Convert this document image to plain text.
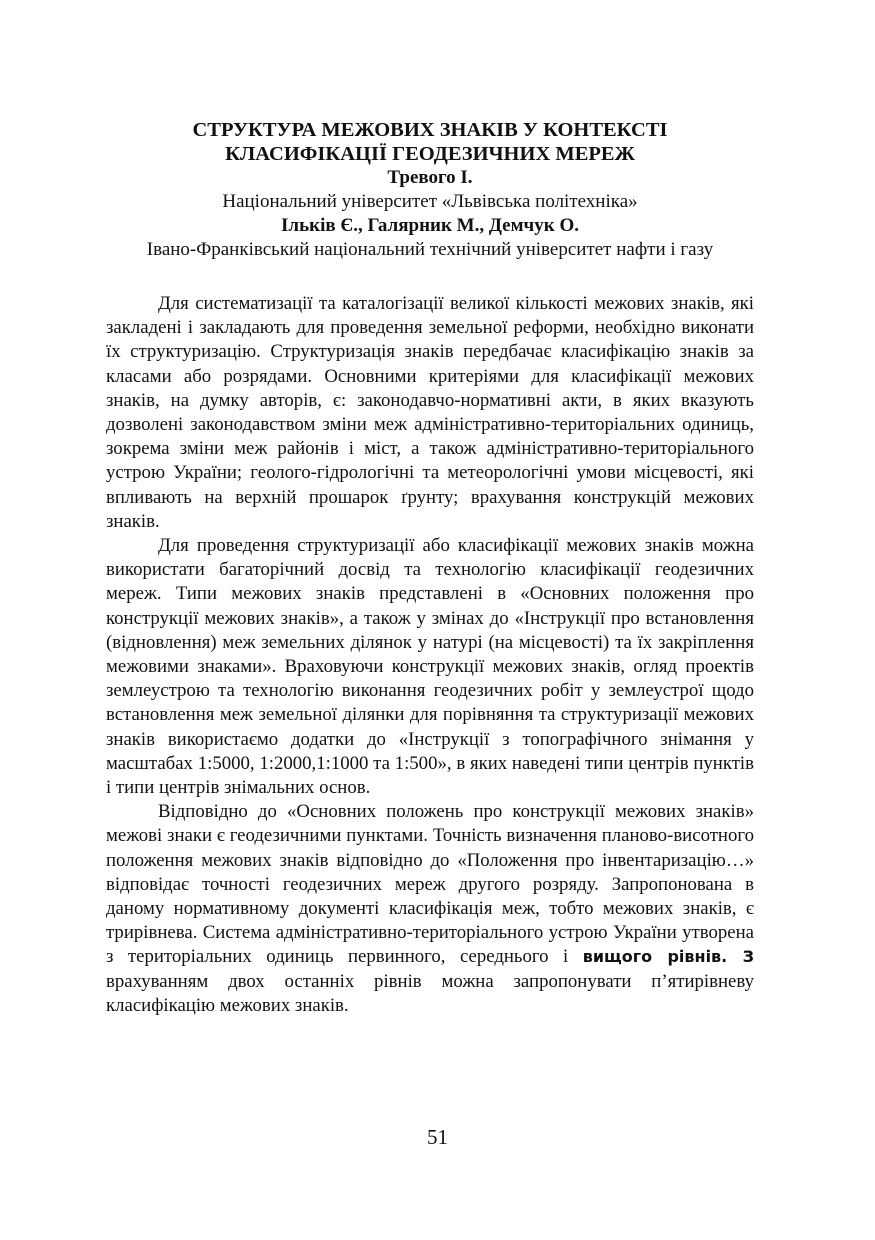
СТРУКТУРА МЕЖОВИХ ЗНАКІВ У КОНТЕКСТІ

КЛАСИФІКАЦІЇ ГЕОДЕЗИЧНИХ МЕРЕЖ

Тревого І.

Національний університет «Львівська політехніка»

Ільків Є., Галярник М., Демчук О.

Івано-Франківський національний технічний університет нафти і газу

Для систематизації та каталогізації великої кількості межових знаків, які закладені і закладають для проведення земельної реформи, необхідно виконати їх структуризацію. Структуризація знаків передбачає класифікацію знаків за класами або розрядами. Основними критеріями для класифікації межових знаків, на думку авторів, є: законодавчо-нормативні акти, в яких вказують дозволені законодавством зміни меж адміністративно-територіальних одиниць, зокрема зміни меж районів і міст, а також адміністративно-територіального устрою України; геолого-гідрологічні та метеорологічні умови місцевості, які впливають на верхній прошарок ґрунту; врахування конструкцій межових знаків.

Для проведення структуризації або класифікації межових знаків можна використати багаторічний досвід та технологію класифікації геодезичних мереж. Типи межових знаків представлені в «Основних положення про конструкції межових знаків», а також у змінах до «Інструкції про встановлення (відновлення) меж земельних ділянок у натурі (на місцевості) та їх закріплення межовими знаками». Враховуючи конструкції межових знаків, огляд проектів землеустрою та технологію виконання геодезичних робіт у землеустрої щодо встановлення меж земельної ділянки для порівняння та структуризації межових знаків використаємо додатки до «Інструкції з топографічного знімання у масштабах 1:5000, 1:2000,1:1000 та 1:500», в яких наведені типи центрів пунктів і типи центрів знімальних основ.

Відповідно до «Основних положень про конструкції межових знаків» межові знаки є геодезичними пунктами. Точність визначення планово-висотного положення межових знаків відповідно до «Положення про інвентаризацію…» відповідає точності геодезичних мереж другого розряду. Запропонована в даному нормативному документі класифікація меж, тобто межових знаків, є трирівнева. Система адміністративно-територіального устрою України утворена з територіальних одиниць первинного, середнього і вищого рівнів. З врахуванням двох останніх рівнів можна запропонувати п’ятирівневу класифікацію межових знаків.

51
